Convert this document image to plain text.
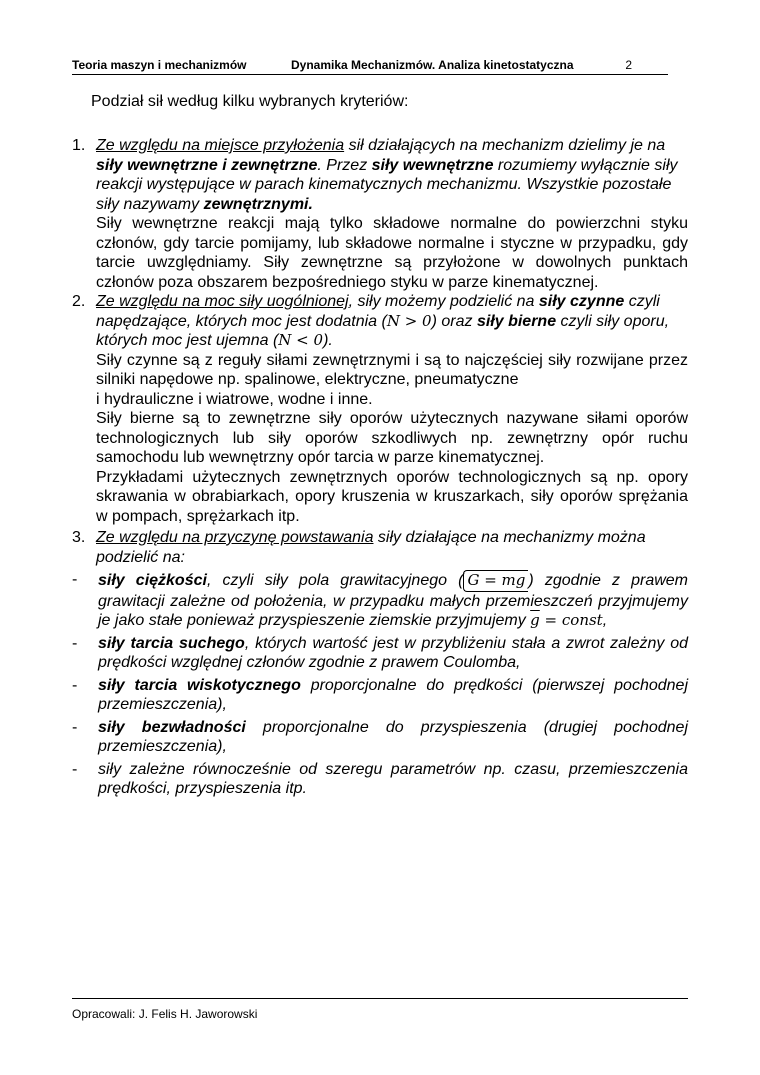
Teoria maszyn i mechanizmów	Dynamika Mechanizmów. Analiza kinetostatyczna	2
Podział sił według kilku wybranych kryteriów:
1. Ze względu na miejsce przyłożenia sił działających na mechanizm dzielimy je na siły wewnętrzne i zewnętrzne. Przez siły wewnętrzne rozumiemy wyłącznie siły reakcji występujące w parach kinematycznych mechanizmu. Wszystkie pozostałe siły nazywamy zewnętrznymi.
Siły wewnętrzne reakcji mają tylko składowe normalne do powierzchni styku członów, gdy tarcie pomijamy, lub składowe normalne i styczne w przypadku, gdy tarcie uwzględniamy. Siły zewnętrzne są przyłożone w dowolnych punktach członów poza obszarem bezpośredniego styku w parze kinematycznej.
2. Ze względu na moc siły uogólnionej, siły możemy podzielić na siły czynne czyli napędzające, których moc jest dodatnia (N > 0) oraz siły bierne czyli siły oporu, których moc jest ujemna (N < 0).
Siły czynne są z reguły siłami zewnętrznymi i są to najczęściej siły rozwijane przez silniki napędowe np. spalinowe, elektryczne, pneumatyczne
i hydrauliczne i wiatrowe, wodne i inne.
Siły bierne są to zewnętrzne siły oporów użytecznych nazywane siłami oporów technologicznych lub siły oporów szkodliwych np. zewnętrzny opór ruchu samochodu lub wewnętrzny opór tarcia w parze kinematycznej.
Przykładami użytecznych zewnętrznych oporów technologicznych są np. opory skrawania w obrabiarkach, opory kruszenia w kruszarkach, siły oporów sprężania w pompach, sprężarkach itp.
3. Ze względu na przyczynę powstawania siły działające na mechanizmy można podzielić na:
- siły ciężkości, czyli siły pola grawitacyjnego ( $\overline{G} = m\overline{g}$ ) zgodnie z prawem grawitacji zależne od położenia, w przypadku małych przemieszczeń przyjmujemy je jako stałe ponieważ przyspieszenie ziemskie przyjmujemy $\overline{g}$ = const,
- siły tarcia suchego, których wartość jest w przybliżeniu stała a zwrot zależny od prędkości względnej członów zgodnie z prawem Coulomba,
- siły tarcia wiskotycznego proporcjonalne do prędkości (pierwszej pochodnej przemieszczenia),
- siły bezwładności proporcjonalne do przyspieszenia (drugiej pochodnej przemieszczenia),
- siły zależne równocześnie od szeregu parametrów np. czasu, przemieszczenia prędkości, przyspieszenia itp.
Opracowali: J. Felis H. Jaworowski
